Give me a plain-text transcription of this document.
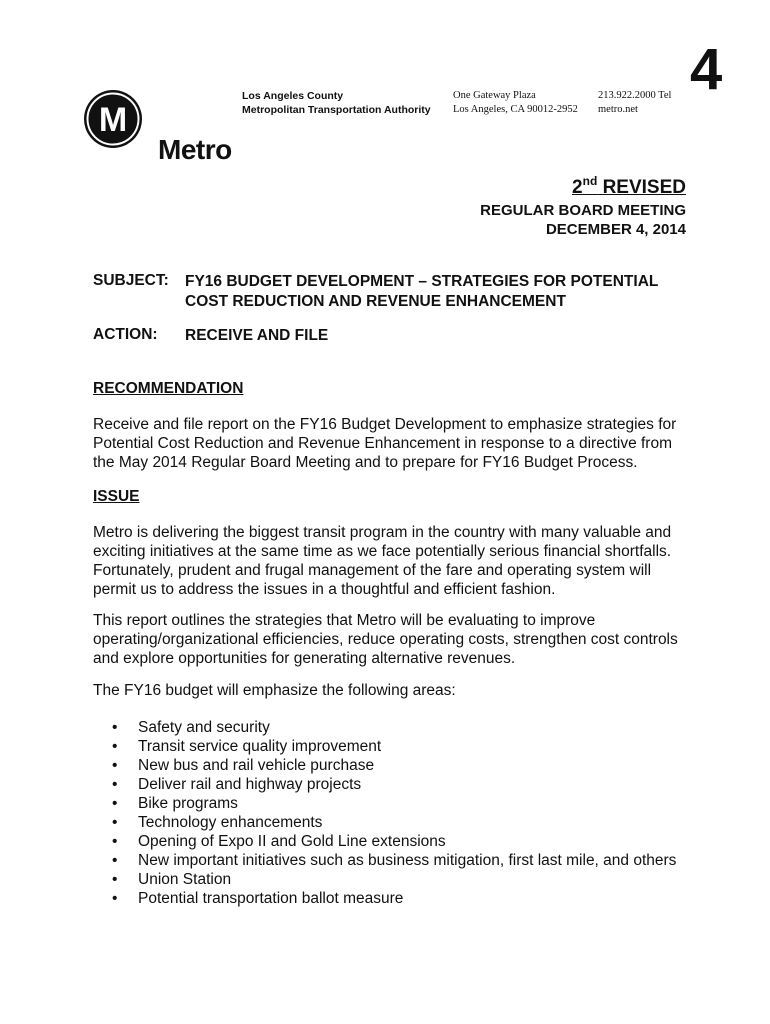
M
Metro
Los Angeles County
Metropolitan Transportation Authority
One Gateway Plaza
Los Angeles, CA 90012-2952
213.922.2000 Tel
metro.net
4
2nd REVISED
REGULAR BOARD MEETING
DECEMBER 4, 2014
SUBJECT: FY16 BUDGET DEVELOPMENT – STRATEGIES FOR POTENTIAL
COST REDUCTION AND REVENUE ENHANCEMENT
ACTION: RECEIVE AND FILE
RECOMMENDATION

Receive and file report on the FY16 Budget Development to emphasize strategies for Potential Cost Reduction and Revenue Enhancement in response to a directive from the May 2014 Regular Board Meeting and to prepare for FY16 Budget Process.

ISSUE

Metro is delivering the biggest transit program in the country with many valuable and exciting initiatives at the same time as we face potentially serious financial shortfalls. Fortunately, prudent and frugal management of the fare and operating system will permit us to address the issues in a thoughtful and efficient fashion.

This report outlines the strategies that Metro will be evaluating to improve operating/organizational efficiencies, reduce operating costs, strengthen cost controls and explore opportunities for generating alternative revenues.

The FY16 budget will emphasize the following areas:

• Safety and security
• Transit service quality improvement
• New bus and rail vehicle purchase
• Deliver rail and highway projects
• Bike programs
• Technology enhancements
• Opening of Expo II and Gold Line extensions
• New important initiatives such as business mitigation, first last mile, and others
• Union Station
• Potential transportation ballot measure
